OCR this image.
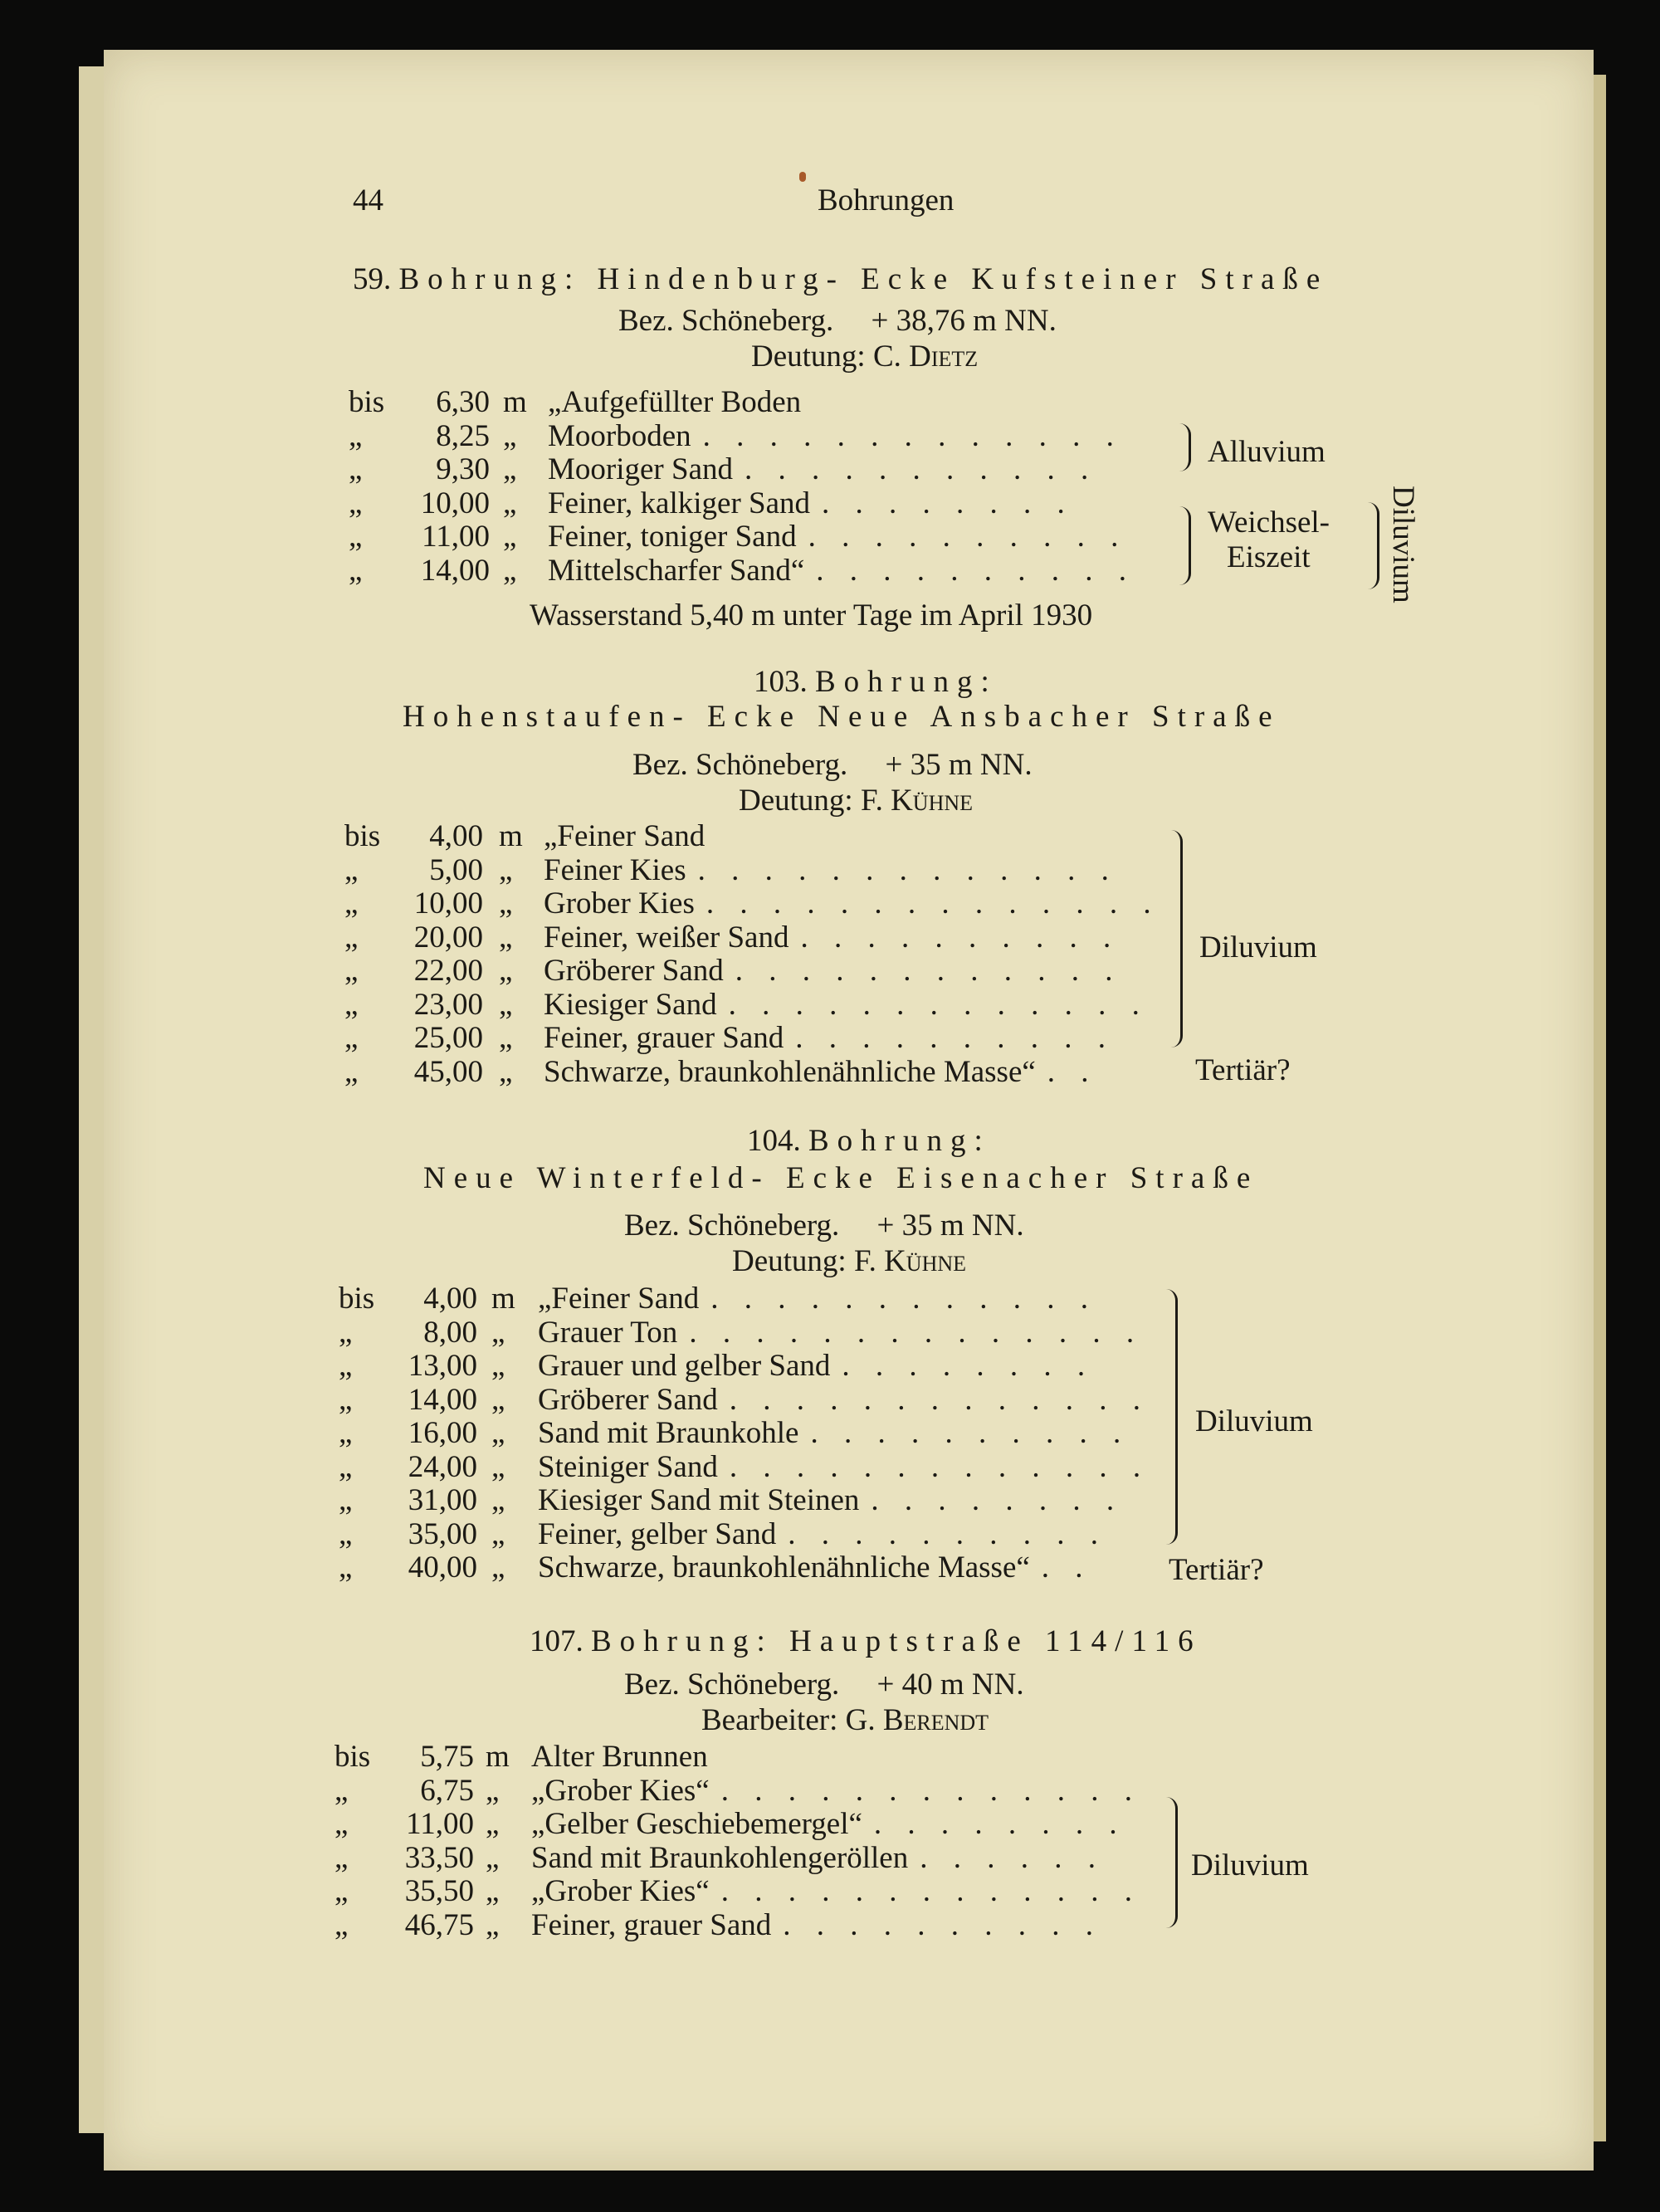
44	Bohrungen
59. Bohrung: Hindenburg- Ecke Kufsteiner Straße
Bez. Schöneberg. + 38,76 m NN.
Deutung: C. Dietz
bis	6,30 m „Aufgefüllter Boden
„	8,25 „ Moorboden . . . . . . . . . . . . .
„	9,30 „ Mooriger Sand . . . . . . . . . . .
„	10,00 „ Feiner, kalkiger Sand . . . . . . . .
„	11,00 „ Feiner, toniger Sand . . . . . . . . . .
„	14,00 „ Mittelscharfer Sand“ . . . . . . . . . .
Alluvium
Weichsel-
Eiszeit Diluvium
Wasserstand 5,40 m unter Tage im April 1930
103. Bohrung:
Hohenstaufen- Ecke Neue Ansbacher Straße
Bez. Schöneberg. + 35 m NN.
Deutung: F. Kühne
bis	4,00 m „Feiner Sand
„	5,00 „ Feiner Kies . . . . . . . . . . . . .
„	10,00 „ Grober Kies . . . . . . . . . . . . . .
„	20,00 „ Feiner, weißer Sand . . . . . . . . . .
„	22,00 „ Gröberer Sand . . . . . . . . . . . .
„	23,00 „ Kiesiger Sand . . . . . . . . . . . . .
„	25,00 „ Feiner, grauer Sand . . . . . . . . . .
„	45,00 „ Schwarze, braunkohlenähnliche Masse“ . .
Diluvium
Tertiär?
104. Bohrung:
Neue Winterfeld- Ecke Eisenacher Straße
Bez. Schöneberg. + 35 m NN.
Deutung: F. Kühne
bis	4,00 m „Feiner Sand . . . . . . . . . . . .
„	8,00 „ Grauer Ton . . . . . . . . . . . . . .
„	13,00 „ Grauer und gelber Sand . . . . . . . .
„	14,00 „ Gröberer Sand . . . . . . . . . . . . .
„	16,00 „ Sand mit Braunkohle . . . . . . . . . .
„	24,00 „ Steiniger Sand . . . . . . . . . . . . .
„	31,00 „ Kiesiger Sand mit Steinen . . . . . . . .
„	35,00 „ Feiner, gelber Sand . . . . . . . . . .
„	40,00 „ Schwarze, braunkohlenähnliche Masse“ . .
Diluvium
Tertiär?
107. Bohrung: Hauptstraße 114/116
Bez. Schöneberg. + 40 m NN.
Bearbeiter: G. Berendt
bis	5,75 m Alter Brunnen
„	6,75 „ „Grober Kies“ . . . . . . . . . . . . .
„	11,00 „ „Gelber Geschiebemergel“ . . . . . . . .
„	33,50 „ Sand mit Braunkohlengeröllen . . . . . .
„	35,50 „ „Grober Kies“ . . . . . . . . . . . . .
„	46,75 „ Feiner, grauer Sand . . . . . . . . . .
Diluvium
